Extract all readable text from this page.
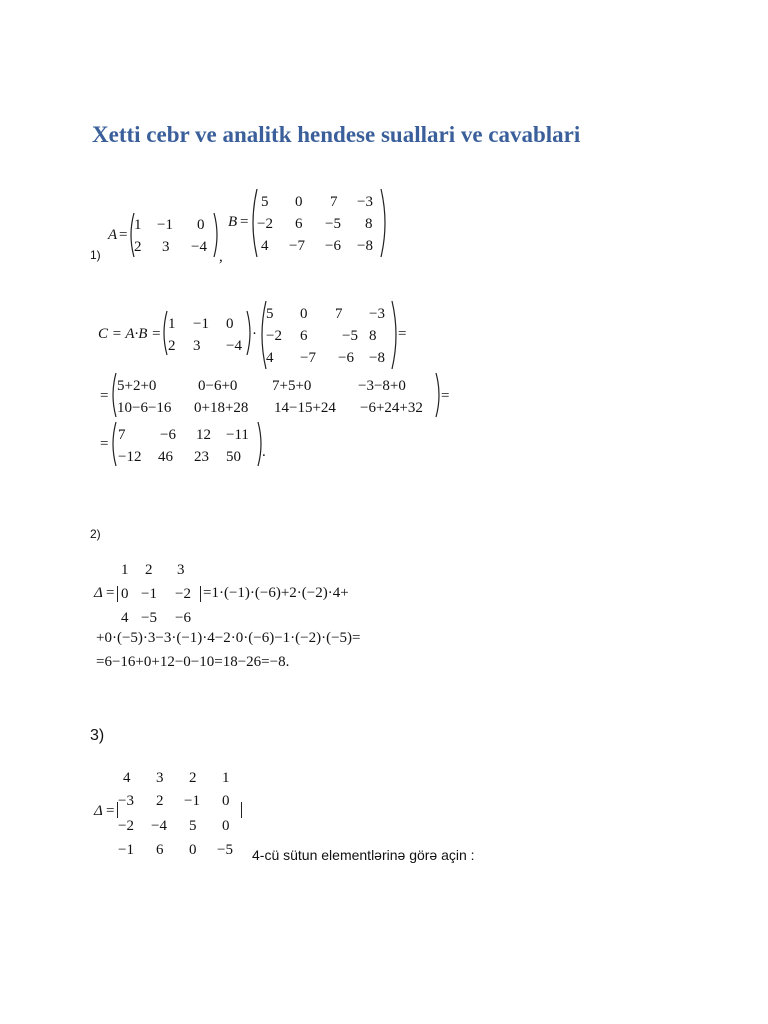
Xetti cebr ve analitk hendese suallari ve cavablari
1)
A =
1 −1 0
2 3 −4
,
B =
5 0 7 −3
−2 6 −5 8
4 −7 −6 −8
C = A·B =
1 −1 0
2 3 −4
·
5 0 7 −3
−2 6 −5 8
4 −7 −6 −8
=
=
5+2+0	0−6+0 7+5+0	−3−8+0
10−6−16 0+18+28 14−15+24 −6+24+32
=
=
7 −6 12 −11
−12 46 23 50 .
2)
Δ =
1 2 3
0 −1 −2
4 −5 −6
=1·(−1)·(−6)+2·(−2)·4+
+0·(−5)·3−3·(−1)·4−2·0·(−6)−1·(−2)·(−5)=
=6−16+0+12−0−10=18−26=−8.
3)
Δ =
4 3 2 1
−3 2 −1 0
−2 −4 5 0
−1 6 0 −5 4-cü sütun elementlərinə görə açin :
